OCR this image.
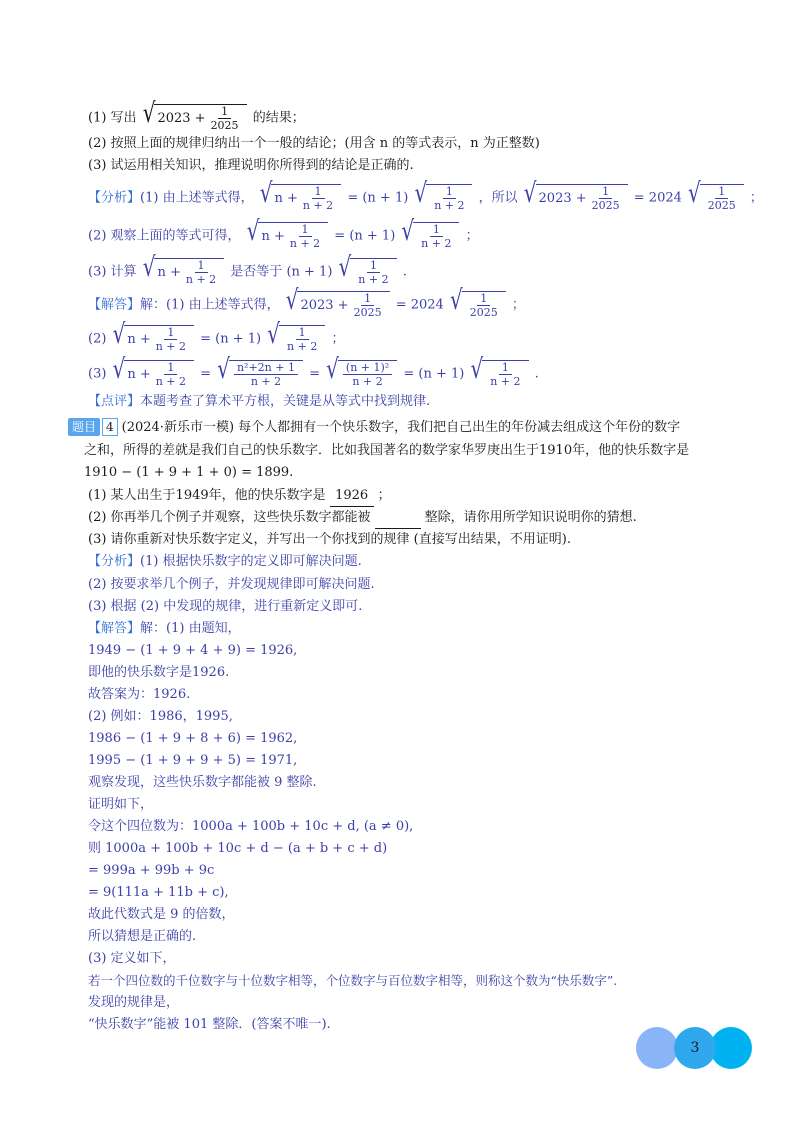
(1) 写出 √ $2023 + \frac{1}{2025}$ 的结果；
(2) 按照上面的规律归纳出一个一般的结论；(用含 n 的等式表示，n 为正整数)
(3) 试运用相关知识，推理说明你所得到的结论是正确的.
【分析】(1) 由上述等式得， √ $n + \frac{1}{n + 2} = (n + 1)$ √ $\frac{1}{n + 2}$ ，所以 √ $2023 + \frac{1}{2025} = 2024$ √ $\frac{1}{2025}$ ；
(2) 观察上面的等式可得， √ $n + \frac{1}{n + 2} = (n + 1)$ √ $\frac{1}{n + 2}$ ；
(3) 计算 √ $n + \frac{1}{n + 2}$ 是否等于 (n + 1) √ $\frac{1}{n + 2}$ .
【解答】解：(1) 由上述等式得， √ $2023 + \frac{1}{2025} = 2024$ √ $\frac{1}{2025}$ ；
(2) √ $n + \frac{1}{n + 2} = (n + 1)$ √ $\frac{1}{n + 2}$ ；
(3) √ $n + \frac{1}{n + 2}$ = √ $\frac{\text{n²+2n + 1}}{n + 2}$ = √ $\frac{\text{(n + 1)²}}{n + 2} = (n + 1)$ √ $\frac{1}{n + 2}$ .
【点评】本题考查了算术平方根，关键是从等式中找到规律.
题目 4 (2024·新乐市一模) 每个人都拥有一个快乐数字，我们把自己出生的年份减去组成这个年份的数字
之和，所得的差就是我们自己的快乐数字．比如我国著名的数学家华罗庚出生于1910年，他的快乐数字是
1910 − (1 + 9 + 1 + 0) = 1899.
(1) 某人出生于1949年，他的快乐数字是 1926 ；
(2) 你再举几个例子并观察，这些快乐数字都能被	整除，请你用所学知识说明你的猜想.
(3) 请你重新对快乐数字定义，并写出一个你找到的规律 (直接写出结果，不用证明).
【分析】(1) 根据快乐数字的定义即可解决问题.
(2) 按要求举几个例子，并发现规律即可解决问题.
(3) 根据 (2) 中发现的规律，进行重新定义即可.
【解答】解：(1) 由题知，
1949 − (1 + 9 + 4 + 9) = 1926,
即他的快乐数字是1926.
故答案为：1926.
(2) 例如：1986，1995,
1986 − (1 + 9 + 8 + 6) = 1962,
1995 − (1 + 9 + 9 + 5) = 1971,
观察发现，这些快乐数字都能被 9 整除.
证明如下，
令这个四位数为：1000a + 100b + 10c + d, (a ≠ 0),
则 1000a + 100b + 10c + d − (a + b + c + d)
= 999a + 99b + 9c
= 9(111a + 11b + c),
故此代数式是 9 的倍数，
所以猜想是正确的.
(3) 定义如下，
若一个四位数的千位数字与十位数字相等，个位数字与百位数字相等，则称这个数为“快乐数字”.
发现的规律是，
“快乐数字”能被 101 整除．(答案不唯一).
3
